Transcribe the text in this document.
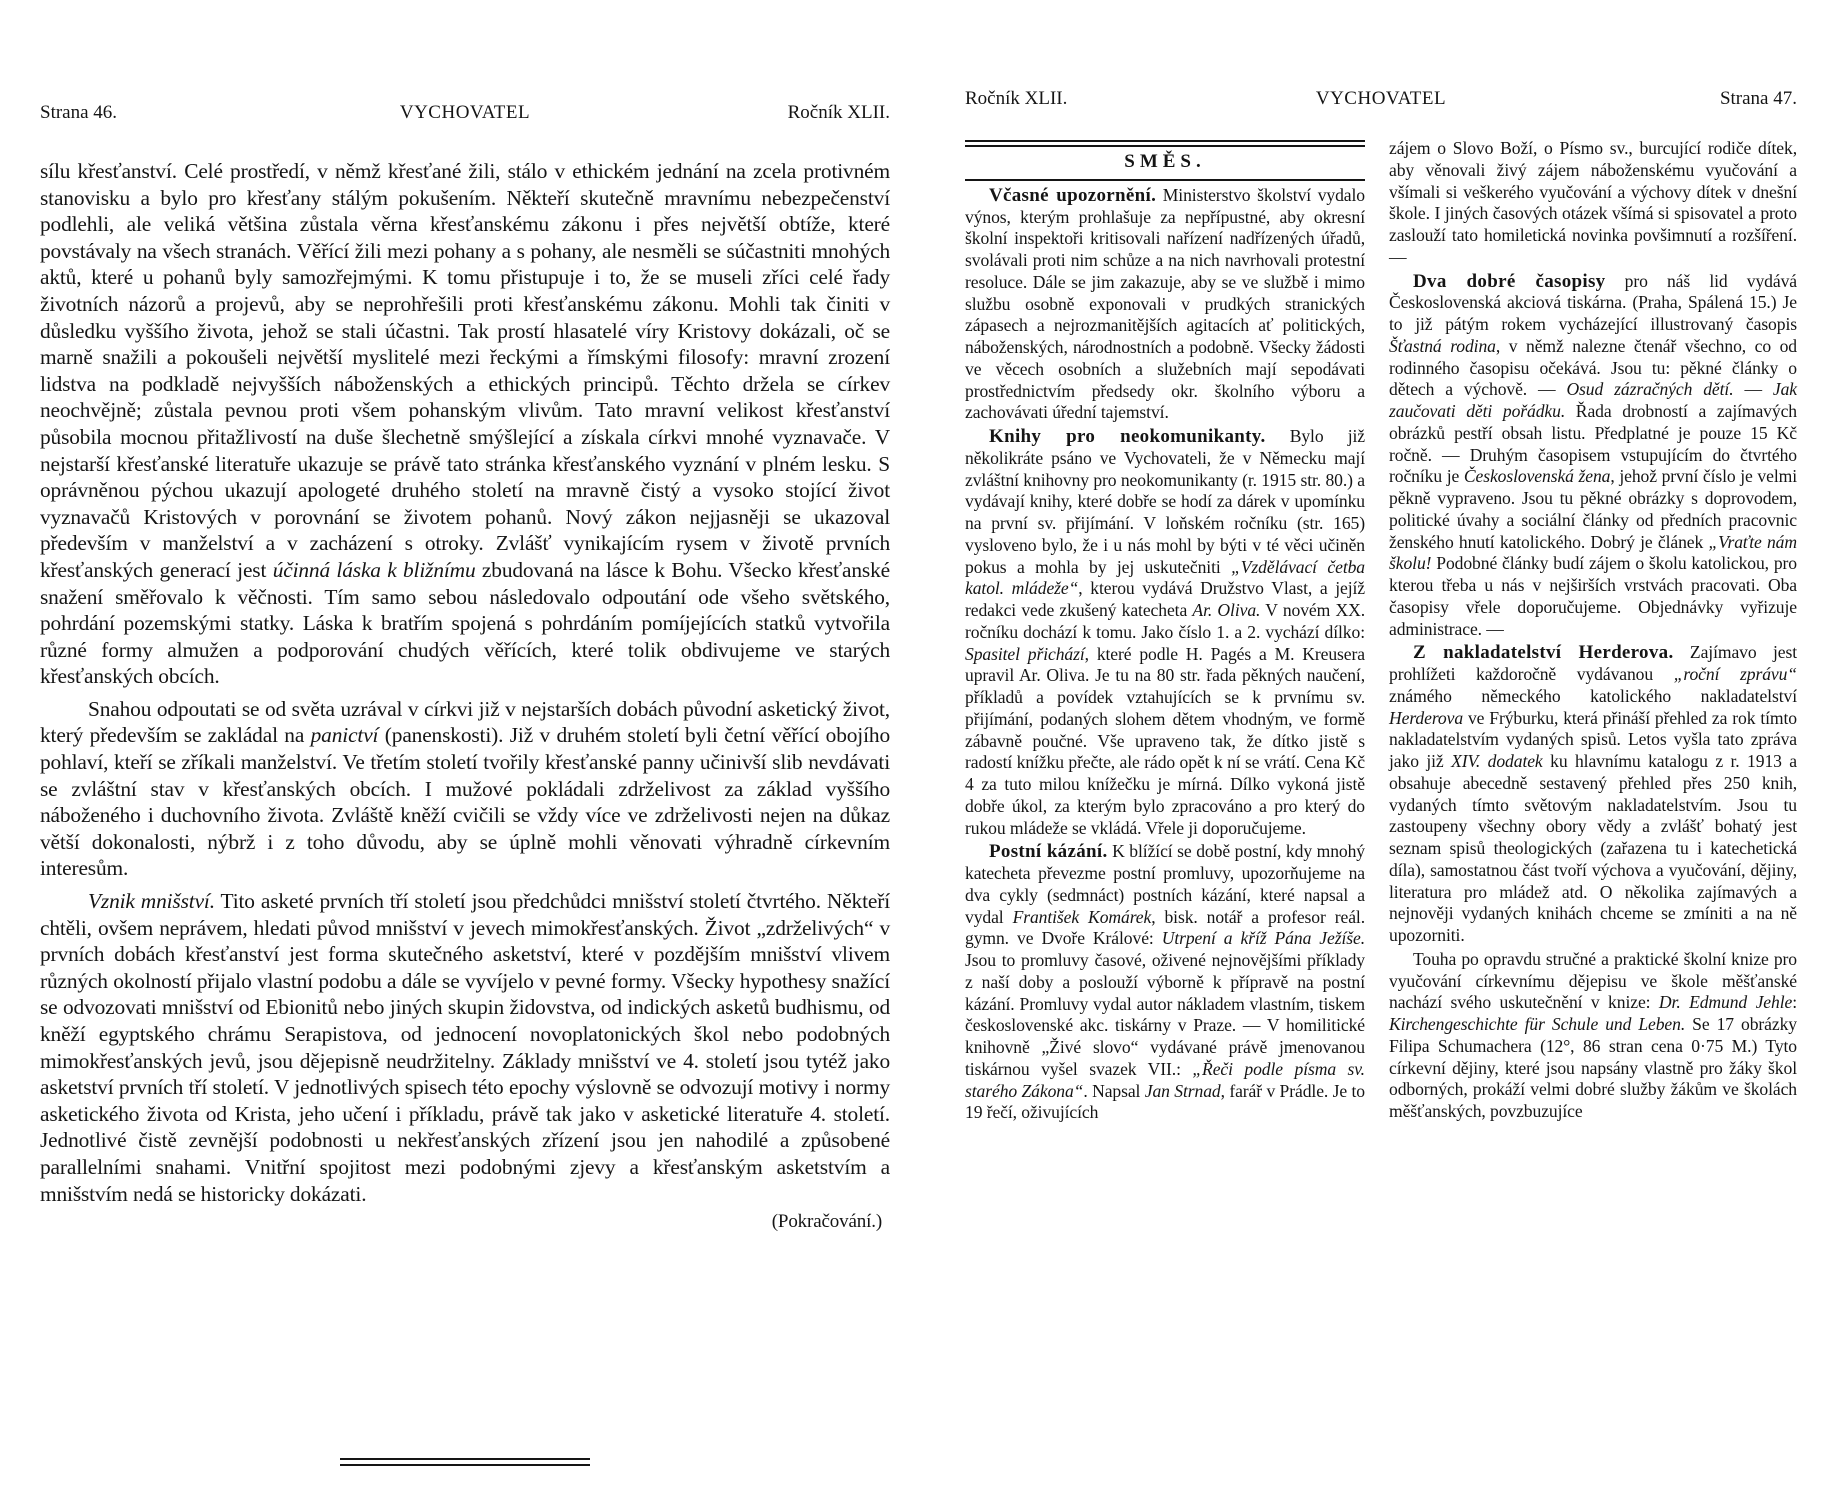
Strana 46.	VYCHOVATEL	Ročník XLII.

sílu křesťanství. Celé prostředí, v němž křesťané žili, stálo v ethickém jednání na zcela protivném stanovisku a bylo pro křesťany stálým pokušením. Někteří skutečně mravnímu nebezpečenství podlehli, ale veliká většina zůstala věrna křesťanskému zákonu i přes největší obtíže, které povstávaly na všech stranách. Věřící žili mezi pohany a s pohany, ale nesměli se súčastniti mnohých aktů, které u pohanů byly samozřejmými. K tomu přistupuje i to, že se museli zříci celé řady životních názorů a projevů, aby se neprohřešili proti křesťanskému zákonu. Mohli tak činiti v důsledku vyššího života, jehož se stali účastni. Tak prostí hlasatelé víry Kristovy dokázali, oč se marně snažili a pokoušeli největší myslitelé mezi řeckými a římskými filosofy: mravní zrození lidstva na podkladě nejvyšších náboženských a ethických principů. Těchto držela se církev neochvějně; zůstala pevnou proti všem pohanským vlivům. Tato mravní velikost křesťanství působila mocnou přitažlivostí na duše šlechetně smýšlející a získala církvi mnohé vyznavače. V nejstarší křesťanské literatuře ukazuje se právě tato stránka křesťanského vyznání v plném lesku. S oprávněnou pýchou ukazují apologeté druhého století na mravně čistý a vysoko stojící život vyznavačů Kristových v porovnání se životem pohanů. Nový zákon nejjasněji se ukazoval především v manželství a v zacházení s otroky. Zvlášť vynikajícím rysem v životě prvních křesťanských generací jest účinná láska k bližnímu zbudovaná na lásce k Bohu. Všecko křesťanské snažení směřovalo k věčnosti. Tím samo sebou následovalo odpoutání ode všeho světského, pohrdání pozemskými statky. Láska k bratřím spojená s pohrdáním pomíjejících statků vytvořila různé formy almužen a podporování chudých věřících, které tolik obdivujeme ve starých křesťanských obcích.

Snahou odpoutati se od světa uzrával v církvi již v nejstarších dobách původní asketický život, který především se zakládal na panictví (panenskosti). Již v druhém století byli četní věřící obojího pohlaví, kteří se zříkali manželství. Ve třetím století tvořily křesťanské panny učinivší slib nevdávati se zvláštní stav v křesťanských obcích. I mužové pokládali zdrželivost za základ vyššího náboženého i duchovního života. Zvláště kněží cvičili se vždy více ve zdrželivosti nejen na důkaz větší dokonalosti, nýbrž i z toho důvodu, aby se úplně mohli věnovati výhradně církevním interesům.

Vznik mnišství. Tito asketé prvních tří století jsou předchůdci mnišství století čtvrtého. Někteří chtěli, ovšem neprávem, hledati původ mnišství v jevech mimokřesťanských. Život „zdrželivých“ v prvních dobách křesťanství jest forma skutečného asketství, které v pozdějším mnišství vlivem různých okolností přijalo vlastní podobu a dále se vyvíjelo v pevné formy. Všecky hypothesy snažící se odvozovati mnišství od Ebionitů nebo jiných skupin židovstva, od indických asketů budhismu, od kněží egyptského chrámu Serapistova, od jednocení novoplatonických škol nebo podobných mimokřesťanských jevů, jsou dějepisně neudržitelny. Základy mnišství ve 4. století jsou tytéž jako asketství prvních tří století. V jednotlivých spisech této epochy výslovně se odvozují motivy i normy asketického života od Krista, jeho učení i příkladu, právě tak jako v asketické literatuře 4. století. Jednotlivé čistě zevnější podobnosti u nekřesťanských zřízení jsou jen nahodilé a způsobené parallelními snahami. Vnitřní spojitost mezi podobnými zjevy a křesťanským asketstvím a mnišstvím nedá se historicky dokázati.

(Pokračování.)
Ročník XLII.	VYCHOVATEL	Strana 47.
SMĚS.

Včasné upozornění. Ministerstvo školství vydalo výnos, kterým prohlašuje za nepřípustné, aby okresní školní inspektoři kritisovali nařízení nadřízených úřadů, svolávali proti nim schůze a na nich navrhovali protestní resoluce. Dále se jim zakazuje, aby se ve službě i mimo službu osobně exponovali v prudkých stranických zápasech a nejrozmanitějších agitacích ať politických, náboženských, národnostních a podobně. Všecky žádosti ve věcech osobních a služebních mají sepodávati prostřednictvím předsedy okr. školního výboru a zachovávati úřední tajemství.

Knihy pro neokomunikanty. Bylo již několikráte psáno ve Vychovateli, že v Německu mají zvláštní knihovny pro neokomunikanty (r. 1915 str. 80.) a vydávají knihy, které dobře se hodí za dárek v upomínku na první sv. přijímání. V loňském ročníku (str. 165) vysloveno bylo, že i u nás mohl by býti v té věci učiněn pokus a mohla by jej uskutečniti „Vzdělávací četba katol. mládeže“, kterou vydává Družstvo Vlast, a jejíž redakci vede zkušený katecheta Ar. Oliva. V novém XX. ročníku dochází k tomu. Jako číslo 1. a 2. vychází dílko: Spasitel přichází, které podle H. Pagés a M. Kreusera upravil Ar. Oliva. Je tu na 80 str. řada pěkných naučení, příkladů a povídek vztahujících se k prvnímu sv. přijímání, podaných slohem dětem vhodným, ve formě zábavně poučné. Vše upraveno tak, že dítko jistě s radostí knížku přečte, ale rádo opět k ní se vrátí. Cena Kč 4 za tuto milou knížečku je mírná. Dílko vykoná jistě dobře úkol, za kterým bylo zpracováno a pro který do rukou mládeže se vkládá. Vřele ji doporučujeme.

Postní kázání. K blížící se době postní, kdy mnohý katecheta převezme postní promluvy, upozorňujeme na dva cykly (sedmnáct) postních kázání, které napsal a vydal František Komárek, bisk. notář a profesor reál. gymn. ve Dvoře Králové: Utrpení a kříž Pána Ježíše. Jsou to promluvy časové, oživené nejnovějšími příklady z naší doby a poslouží výborně k přípravě na postní kázání. Promluvy vydal autor nákladem vlastním, tiskem československé akc. tiskárny v Praze. — V homilitické knihovně „Živé slovo“ vydávané právě jmenovanou tiskárnou vyšel svazek VII.: „Řeči podle písma sv. starého Zákona“. Napsal Jan Strnad, farář v Prádle. Je to 19 řečí, oživujících

zájem o Slovo Boží, o Písmo sv., burcující rodiče dítek, aby věnovali živý zájem náboženskému vyučování a všímali si veškerého vyučování a výchovy dítek v dnešní škole. I jiných časových otázek všímá si spisovatel a proto zaslouží tato homiletická novinka povšimnutí a rozšíření. —

Dva dobré časopisy pro náš lid vydává Československá akciová tiskárna. (Praha, Spálená 15.) Je to již pátým rokem vycházející illustrovaný časopis Šťastná rodina, v němž nalezne čtenář všechno, co od rodinného časopisu očekává. Jsou tu: pěkné články o dětech a výchově. — Osud zázračných dětí. — Jak zaučovati děti pořádku. Řada drobností a zajímavých obrázků pestří obsah listu. Předplatné je pouze 15 Kč ročně. — Druhým časopisem vstupujícím do čtvrtého ročníku je Československá žena, jehož první číslo je velmi pěkně vypraveno. Jsou tu pěkné obrázky s doprovodem, politické úvahy a sociální články od předních pracovnic ženského hnutí katolického. Dobrý je článek „Vraťte nám školu! Podobné články budí zájem o školu katolickou, pro kterou třeba u nás v nejširších vrstvách pracovati. Oba časopisy vřele doporučujeme. Objednávky vyřizuje administrace. —

Z nakladatelství Herderova. Zajímavo jest prohlížeti každoročně vydávanou „roční zprávu“ známého německého katolického nakladatelství Herderova ve Frýburku, která přináší přehled za rok tímto nakladatelstvím vydaných spisů. Letos vyšla tato zpráva jako již XIV. dodatek ku hlavnímu katalogu z r. 1913 a obsahuje abecedně sestavený přehled přes 250 knih, vydaných tímto světovým nakladatelstvím. Jsou tu zastoupeny všechny obory vědy a zvlášť bohatý jest seznam spisů theologických (zařazena tu i katechetická díla), samostatnou část tvoří výchova a vyučování, dějiny, literatura pro mládež atd. O několika zajímavých a nejnověji vydaných knihách chceme se zmíniti a na ně upozorniti.

Touha po opravdu stručné a praktické školní knize pro vyučování církevnímu dějepisu ve škole měšťanské nachází svého uskutečnění v knize: Dr. Edmund Jehle: Kirchengeschichte für Schule und Leben. Se 17 obrázky Filipa Schumachera (12°, 86 stran cena 0·75 M.) Tyto církevní dějiny, které jsou napsány vlastně pro žáky škol odborných, prokáží velmi dobré služby žákům ve školách měšťanských, povzbuzujíce
